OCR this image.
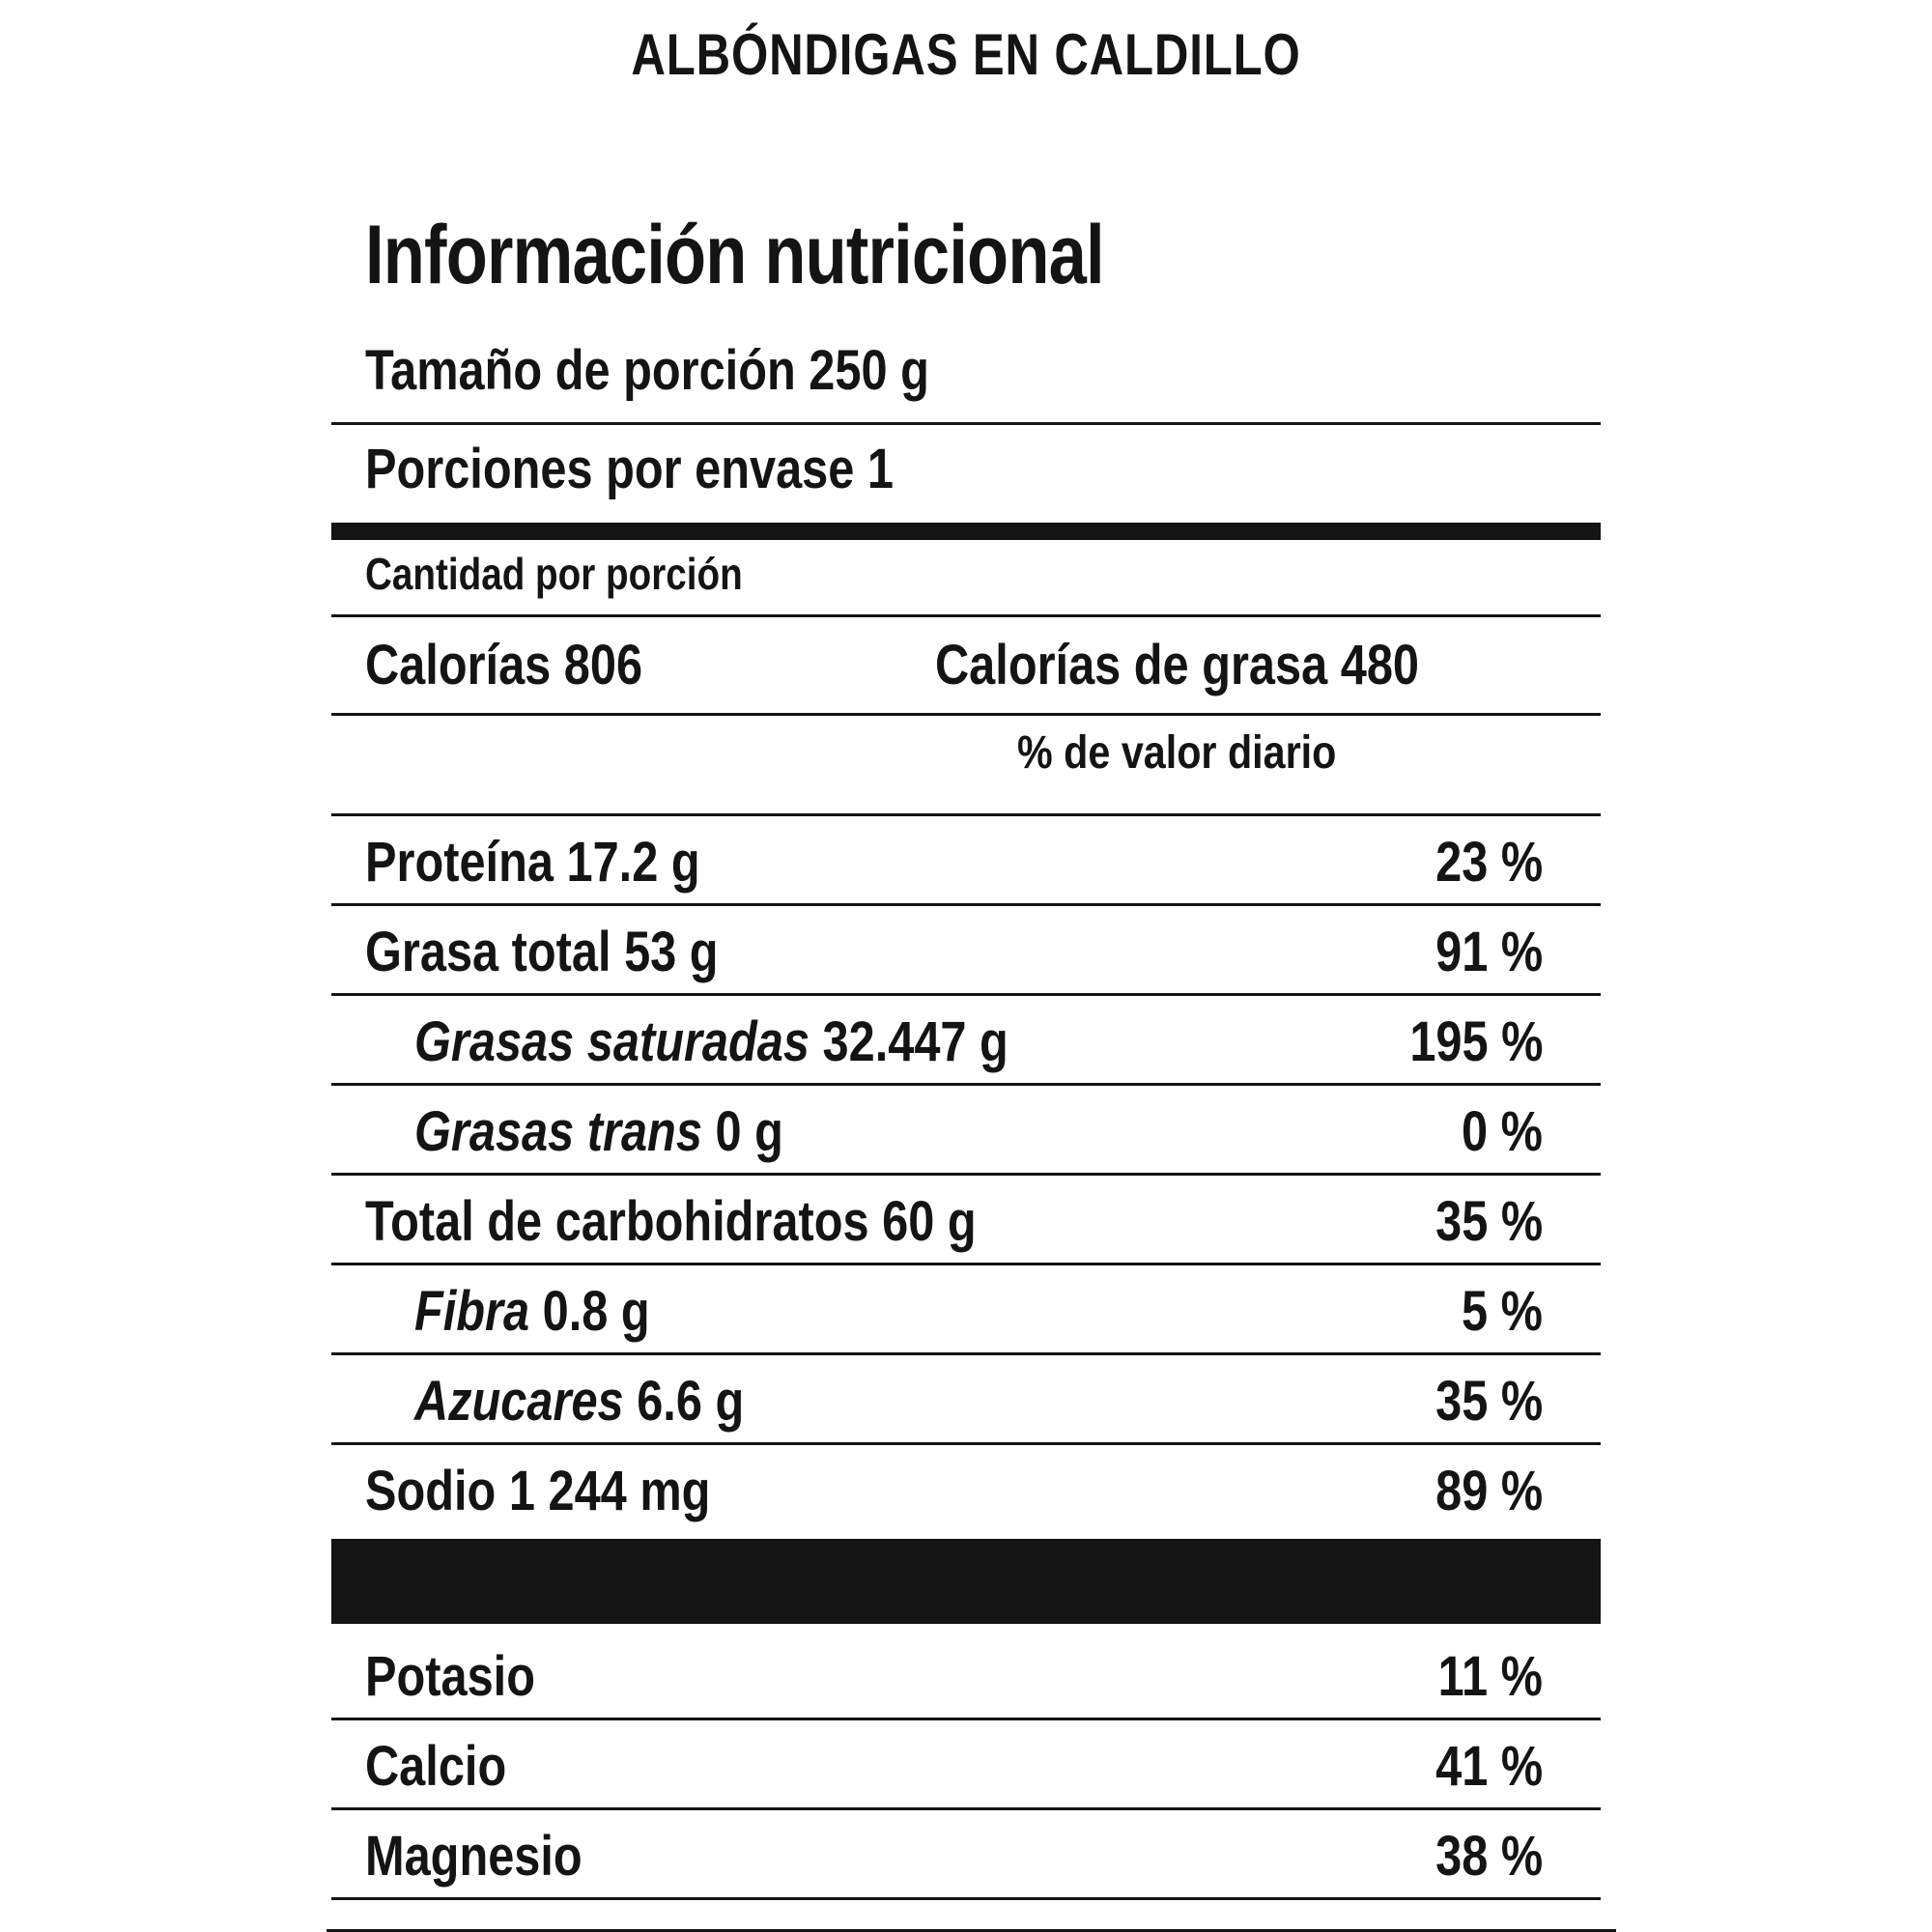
ALBÓNDIGAS EN CALDILLO
Información nutricional
Tamaño de porción 250 g
Porciones por envase 1
Cantidad por porción
Calorías 806	Calorías de grasa 480
% de valor diario
Proteína 17.2 g	23 %
Grasa total 53 g	91 %
Grasas saturadas 32.447 g	195 %
Grasas trans 0 g	0 %
Total de carbohidratos 60 g	35 %
Fibra 0.8 g	5 %
Azucares 6.6 g	35 %
Sodio 1 244 mg	89 %
Potasio	11 %
Calcio	41 %
Magnesio	38 %
